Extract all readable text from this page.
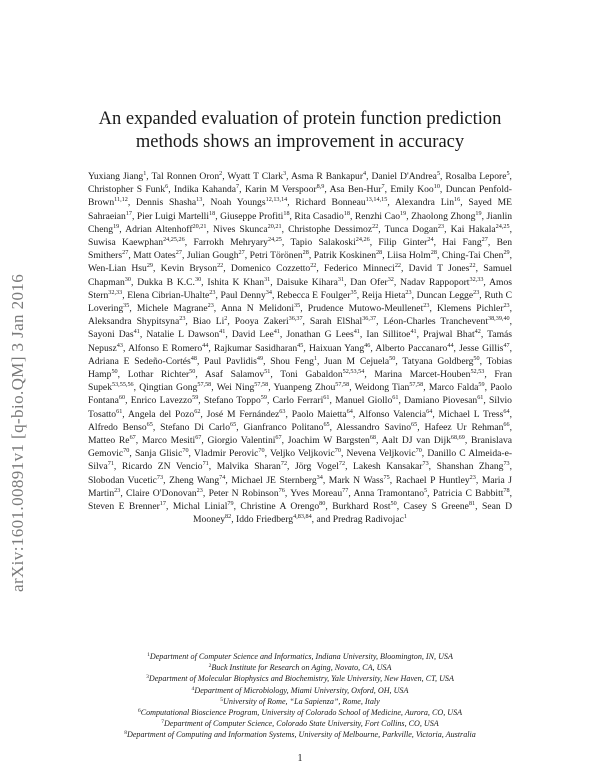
arXiv:1601.00891v1 [q-bio.QM] 3 Jan 2016
An expanded evaluation of protein function prediction
methods shows an improvement in accuracy
Yuxiang Jiang$^1$, Tal Ronnen Oron$^2$, Wyatt T Clark$^3$, Asma R Bankapur$^4$, Daniel D'Andrea$^5$, Rosalba Lepore$^5$, Christopher S Funk$^6$, Indika Kahanda$^7$, Karin M Verspoor$^{8,9}$, Asa Ben-Hur$^7$, Emily Koo$^{10}$, Duncan Penfold-Brown$^{11,12}$, Dennis Shasha$^{13}$, Noah Youngs$^{12,13,14}$, Richard Bonneau$^{13,14,15}$, Alexandra Lin$^{16}$, Sayed ME Sahraeian$^{17}$, Pier Luigi Martelli$^{18}$, Giuseppe Profiti$^{18}$, Rita Casadio$^{18}$, Renzhi Cao$^{19}$, Zhaolong Zhong$^{19}$, Jianlin Cheng$^{19}$, Adrian Altenhoff$^{20,21}$, Nives Skunca$^{20,21}$, Christophe Dessimoz$^{22}$, Tunca Dogan$^{23}$, Kai Hakala$^{24,25}$, Suwisa Kaewphan$^{24,25,26}$, Farrokh Mehryary$^{24,25}$, Tapio Salakoski$^{24,26}$, Filip Ginter$^{24}$, Hai Fang$^{27}$, Ben Smithers$^{27}$, Matt Oates$^{27}$, Julian Gough$^{27}$, Petri Törönen$^{28}$, Patrik Koskinen$^{28}$, Liisa Holm$^{28}$, Ching-Tai Chen$^{29}$, Wen-Lian Hsu$^{29}$, Kevin Bryson$^{22}$, Domenico Cozzetto$^{22}$, Federico Minneci$^{22}$, David T Jones$^{22}$, Samuel Chapman$^{30}$, Dukka B K.C.$^{30}$, Ishita K Khan$^{31}$, Daisuke Kihara$^{31}$, Dan Ofer$^{32}$, Nadav Rappoport$^{32,33}$, Amos Stern$^{32,33}$, Elena Cibrian-Uhalte$^{23}$, Paul Denny$^{34}$, Rebecca E Foulger$^{35}$, Reija Hieta$^{23}$, Duncan Legge$^{23}$, Ruth C Lovering$^{35}$, Michele Magrane$^{23}$, Anna N Melidoni$^{35}$, Prudence Mutowo-Meullenet$^{23}$, Klemens Pichler$^{23}$, Aleksandra Shypitsyna$^{23}$, Biao Li$^2$, Pooya Zakeri$^{36,37}$, Sarah ElShal$^{36,37}$, Léon-Charles Tranchevent$^{38,39,40}$, Sayoni Das$^{41}$, Natalie L Dawson$^{41}$, David Lee$^{41}$, Jonathan G Lees$^{41}$, Ian Sillitoe$^{41}$, Prajwal Bhat$^{42}$, Tamás Nepusz$^{43}$, Alfonso E Romero$^{44}$, Rajkumar Sasidharan$^{45}$, Haixuan Yang$^{46}$, Alberto Paccanaro$^{44}$, Jesse Gillis$^{47}$, Adriana E Sedeño-Cortés$^{48}$, Paul Pavlidis$^{49}$, Shou Feng$^1$, Juan M Cejuela$^{50}$, Tatyana Goldberg$^{50}$, Tobias Hamp$^{50}$, Lothar Richter$^{50}$, Asaf Salamov$^{51}$, Toni Gabaldon$^{52,53,54}$, Marina Marcet-Houben$^{52,53}$, Fran Supek$^{53,55,56}$, Qingtian Gong$^{57,58}$, Wei Ning$^{57,58}$, Yuanpeng Zhou$^{57,58}$, Weidong Tian$^{57,58}$, Marco Falda$^{59}$, Paolo Fontana$^{60}$, Enrico Lavezzo$^{59}$, Stefano Toppo$^{59}$, Carlo Ferrari$^{61}$, Manuel Giollo$^{61}$, Damiano Piovesan$^{61}$, Silvio Tosatto$^{61}$, Angela del Pozo$^{62}$, José M Fernández$^{63}$, Paolo Maietta$^{64}$, Alfonso Valencia$^{64}$, Michael L Tress$^{64}$, Alfredo Benso$^{65}$, Stefano Di Carlo$^{65}$, Gianfranco Politano$^{65}$, Alessandro Savino$^{65}$, Hafeez Ur Rehman$^{66}$, Matteo Re$^{67}$, Marco Mesiti$^{67}$, Giorgio Valentini$^{67}$, Joachim W Bargsten$^{68}$, Aalt DJ van Dijk$^{68,69}$, Branislava Gemovic$^{70}$, Sanja Glisic$^{70}$, Vladmir Perovic$^{70}$, Veljko Veljkovic$^{70}$, Nevena Veljkovic$^{70}$, Danillo C Almeida-e-Silva$^{71}$, Ricardo ZN Vencio$^{71}$, Malvika Sharan$^{72}$, Jörg Vogel$^{72}$, Lakesh Kansakar$^{73}$, Shanshan Zhang$^{73}$, Slobodan Vucetic$^{73}$, Zheng Wang$^{74}$, Michael JE Sternberg$^{34}$, Mark N Wass$^{75}$, Rachael P Huntley$^{23}$, Maria J Martin$^{23}$, Claire O'Donovan$^{23}$, Peter N Robinson$^{76}$, Yves Moreau$^{77}$, Anna Tramontano$^5$, Patricia C Babbitt$^{78}$, Steven E Brenner$^{17}$, Michal Linial$^{79}$, Christine A Orengo$^{80}$, Burkhard Rost$^{50}$, Casey S Greene$^{81}$, Sean D Mooney$^{82}$, Iddo Friedberg$^{4,83,84}$, and Predrag Radivojac$^1$
$^1$Department of Computer Science and Informatics, Indiana University, Bloomington, IN, USA
$^2$Buck Institute for Research on Aging, Novato, CA, USA
$^3$Department of Molecular Biophysics and Biochemistry, Yale University, New Haven, CT, USA
$^4$Department of Microbiology, Miami University, Oxford, OH, USA
$^5$University of Rome, “La Sapienza”, Rome, Italy
$^6$Computational Bioscience Program, University of Colorado School of Medicine, Aurora, CO, USA
$^7$Department of Computer Science, Colorado State University, Fort Collins, CO, USA
$^8$Department of Computing and Information Systems, University of Melbourne, Parkville, Victoria, Australia
1
